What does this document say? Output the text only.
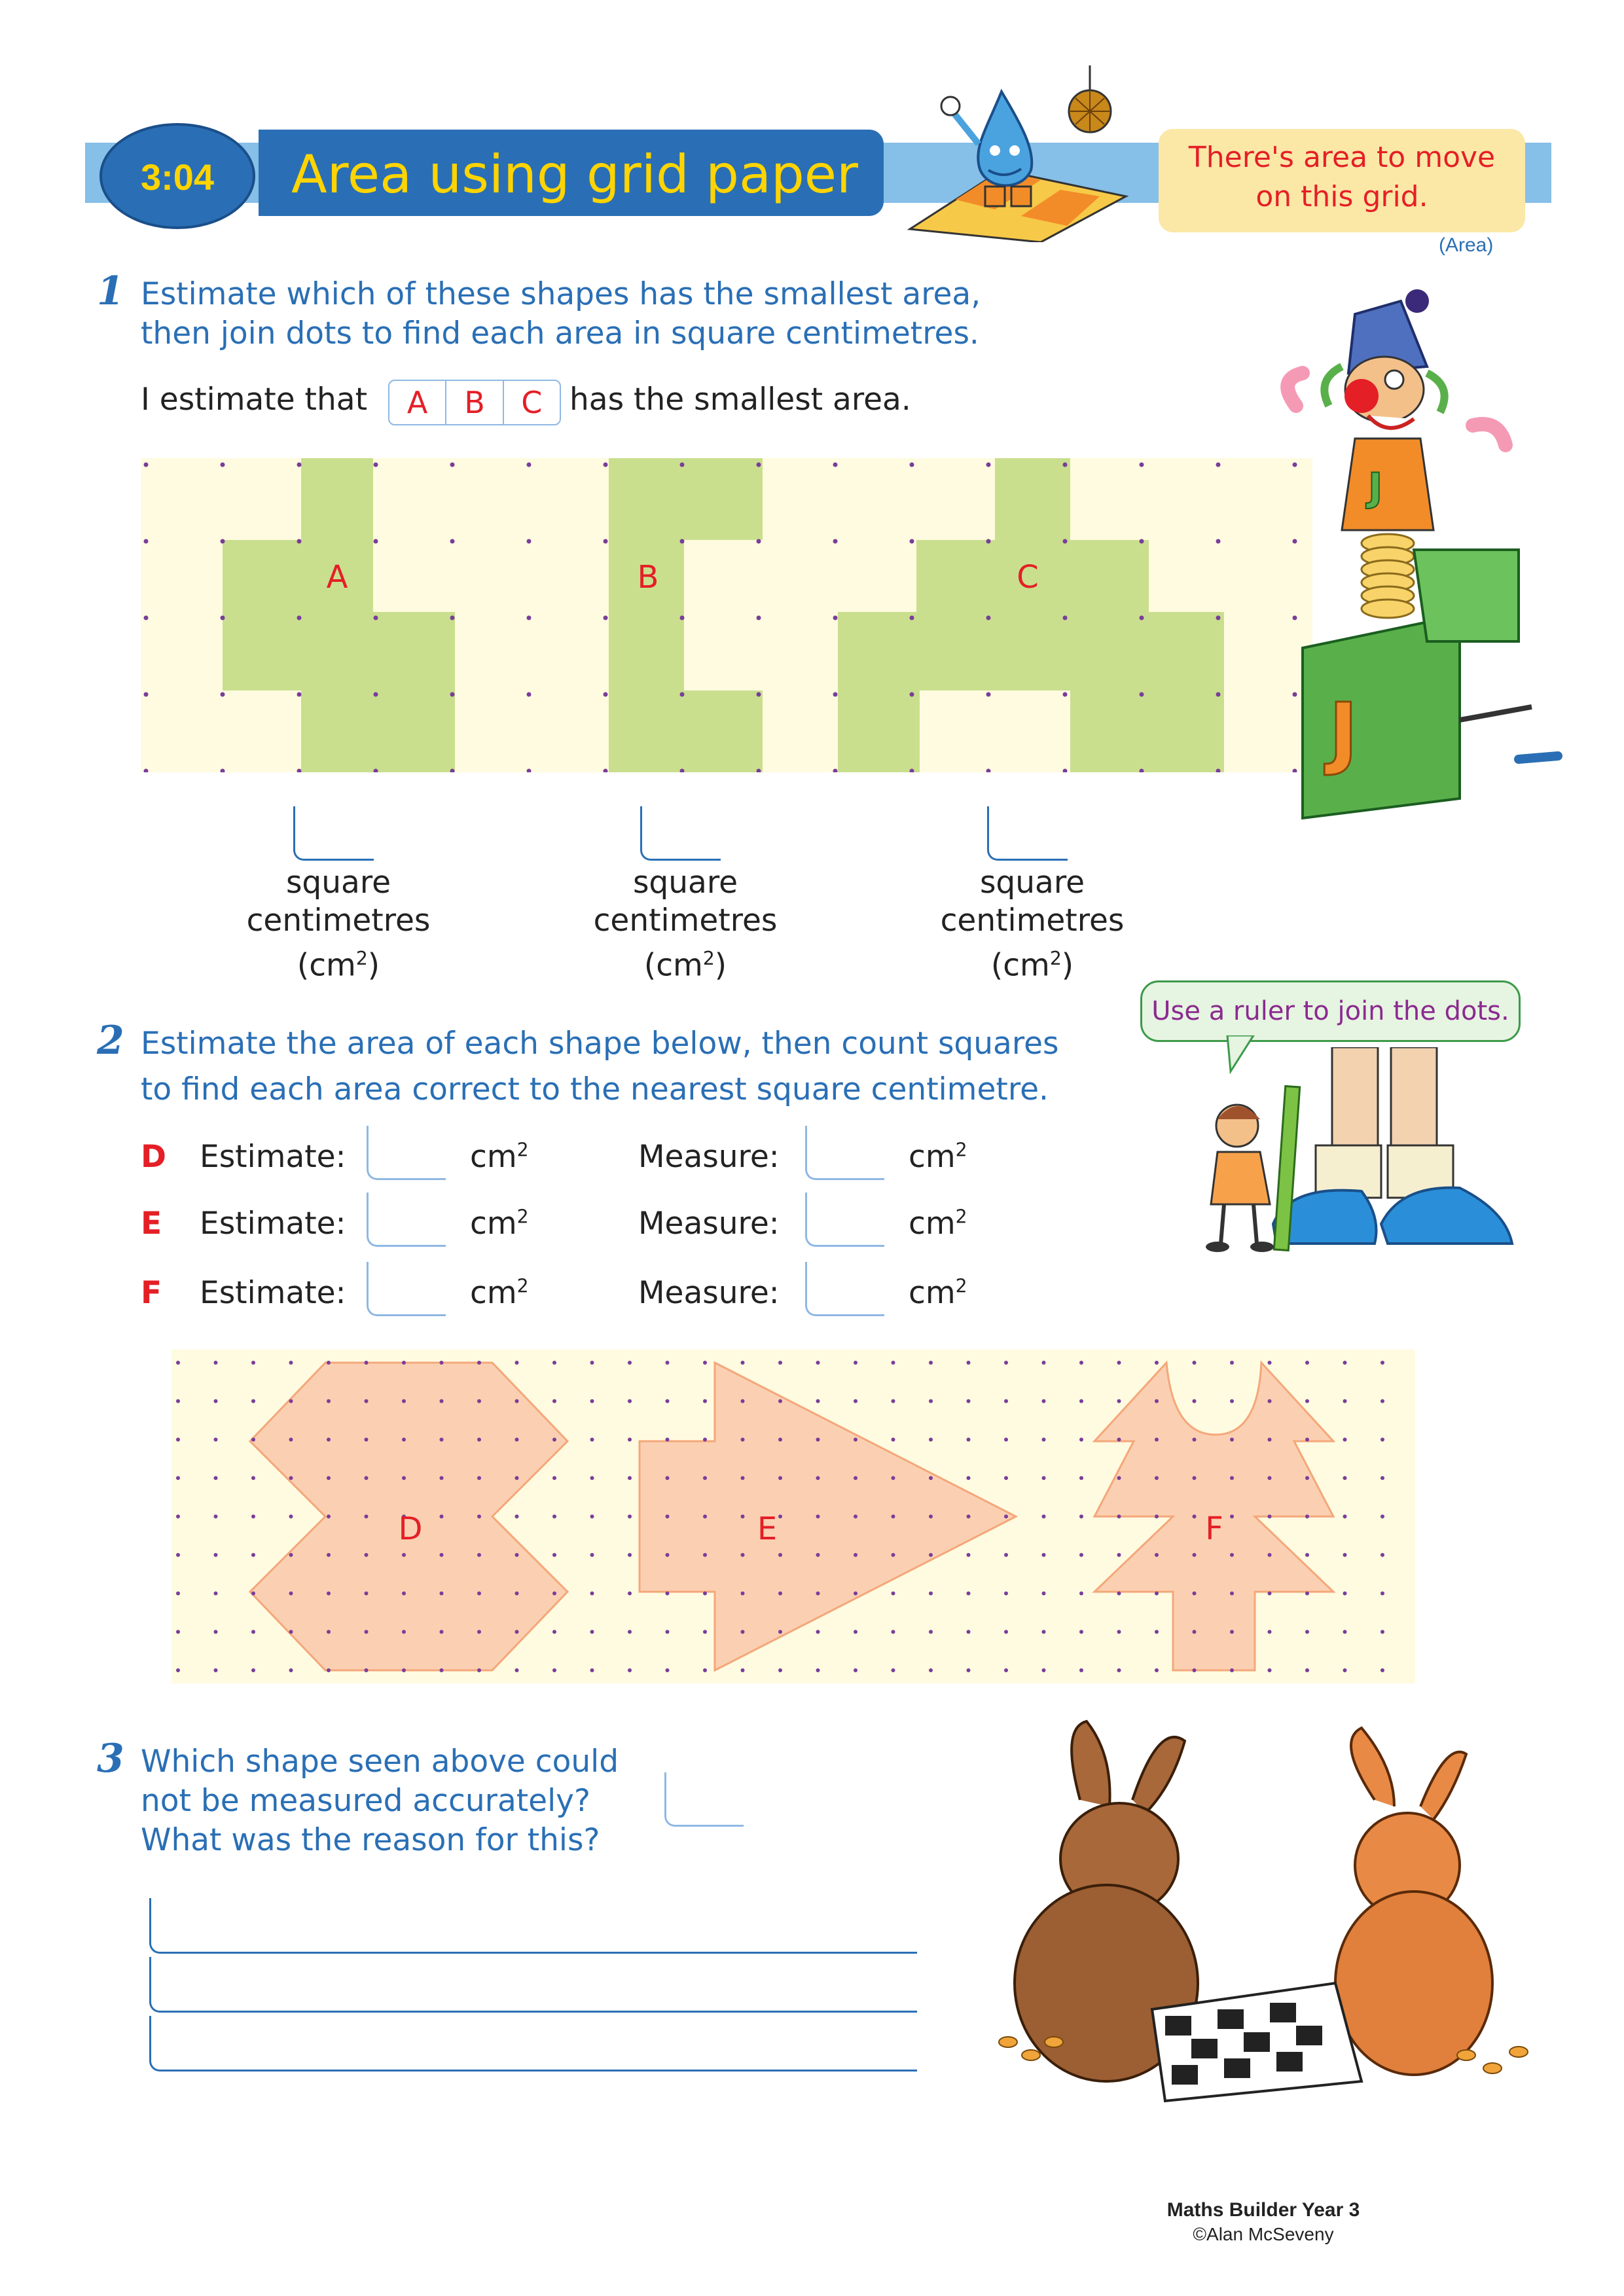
Area using grid paper
3:04	There's area to move
on this grid.
(Area)
1 Estimate which of these shapes has the smallest area,
then join dots to find each area in square centimetres.
I estimate that	A	B	C has the smallest area.
A	B	C
J
J
square
centimetres
$(cm^2)$
square
centimetres
$(cm^2)$
square
centimetres
$(cm^2)$
2 Estimate the area of each shape below, then count squares
to find each area correct to the nearest square centimetre.
Use a ruler to join the dots.
D Estimate:	$cm^2$	Measure:	$cm^2$
E Estimate:	$cm^2$	Measure:	$cm^2$
F Estimate:	$cm^2$	Measure:	$cm^2$
D	E	F
3 Which shape seen above could
not be measured accurately?
What was the reason for this?
Maths Builder Year 3
©Alan McSeveny
